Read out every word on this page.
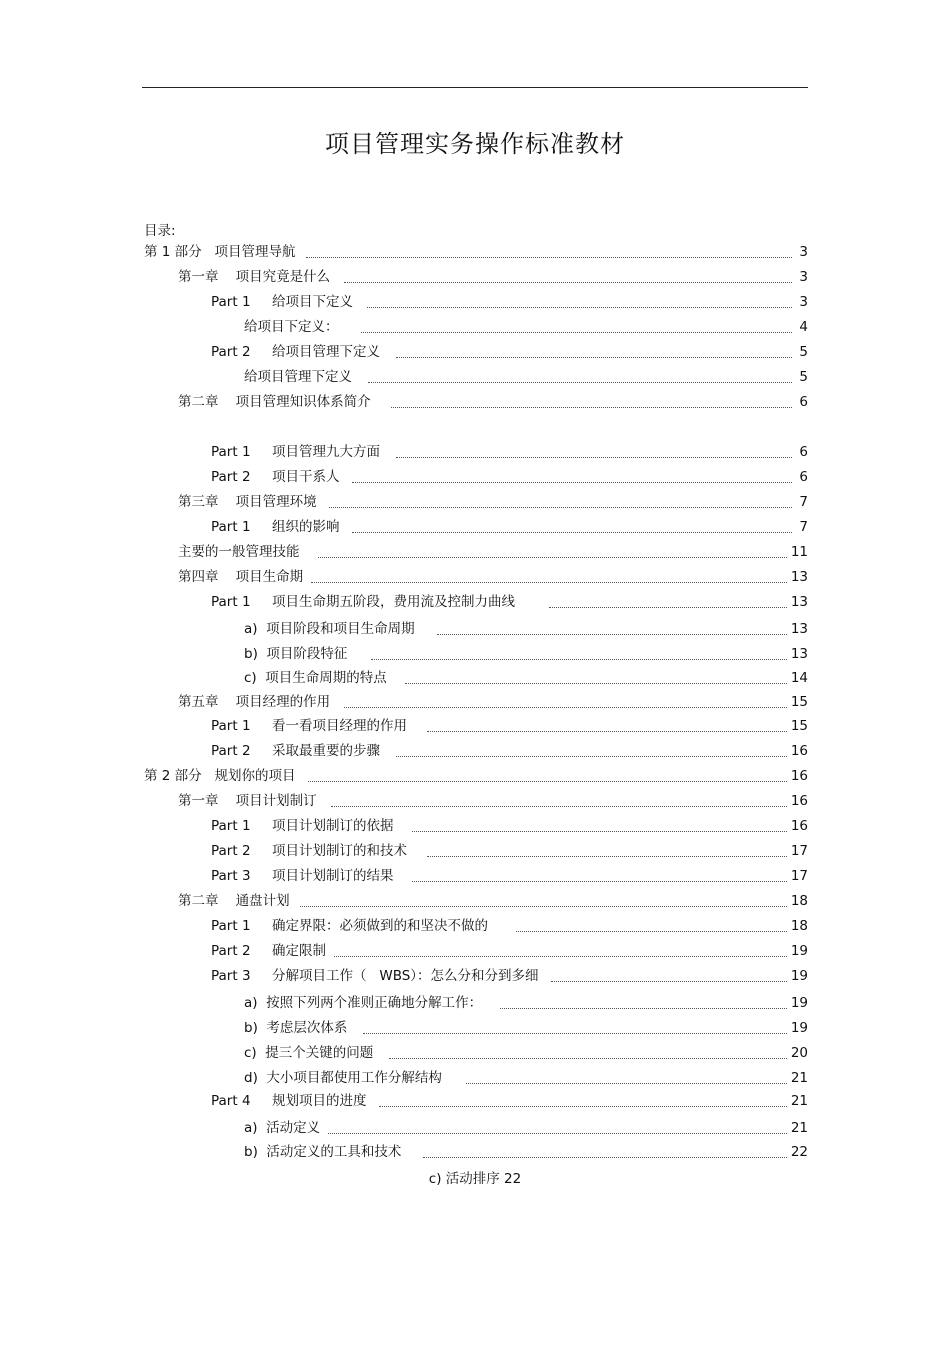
项目管理实务操作标准教材
目录:
第 1 部分   项目管理导航	3
第一章    项目究竟是什么	3
Part 1     给项目下定义	3
给项目下定义：	4
Part 2     给项目管理下定义	5
给项目管理下定义	5
第二章    项目管理知识体系简介	6
Part 1     项目管理九大方面	6
Part 2     项目干系人	6
第三章    项目管理环境	7
Part 1     组织的影响	7
主要的一般管理技能	11
第四章    项目生命期	13
Part 1     项目生命期五阶段，费用流及控制力曲线	13
a)  项目阶段和项目生命周期	13
b)  项目阶段特征	13
c)  项目生命周期的特点	14
第五章    项目经理的作用	15
Part 1     看一看项目经理的作用	15
Part 2     采取最重要的步骤	16
第 2 部分   规划你的项目	16
第一章    项目计划制订	16
Part 1     项目计划制订的依据	16
Part 2     项目计划制订的和技术	17
Part 3     项目计划制订的结果	17
第二章    通盘计划	18
Part 1     确定界限：必须做到的和坚决不做的	18
Part 2     确定限制	19
Part 3     分解项目工作（   WBS）：怎么分和分到多细	19
a)  按照下列两个准则正确地分解工作：	19
b)  考虑层次体系	19
c)  提三个关键的问题	20
d)  大小项目都使用工作分解结构	21
Part 4     规划项目的进度	21
a)  活动定义	21
b)  活动定义的工具和技术	22
c) 活动排序 22
